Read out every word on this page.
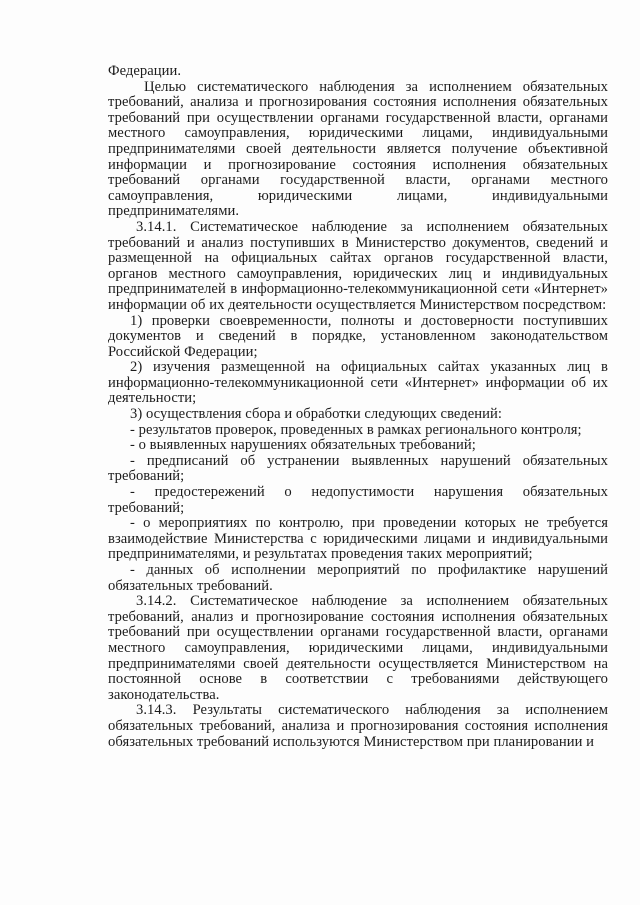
Федерации.

Целью систематического наблюдения за исполнением обязательных требований, анализа и прогнозирования состояния исполнения обязательных требований при осуществлении органами государственной власти, органами местного самоуправления, юридическими лицами, индивидуальными предпринимателями своей деятельности является получение объективной информации и прогнозирование состояния исполнения обязательных требований органами государственной власти, органами местного самоуправления, юридическими лицами, индивидуальными предпринимателями.

3.14.1. Систематическое наблюдение за исполнением обязательных требований и анализ поступивших в Министерство документов, сведений и размещенной на официальных сайтах органов государственной власти, органов местного самоуправления, юридических лиц и индивидуальных предпринимателей в информационно-телекоммуникационной сети «Интернет» информации об их деятельности осуществляется Министерством посредством:

1) проверки своевременности, полноты и достоверности поступивших документов и сведений в порядке, установленном законодательством Российской Федерации;

2) изучения размещенной на официальных сайтах указанных лиц в информационно-телекоммуникационной сети «Интернет» информации об их деятельности;

3) осуществления сбора и обработки следующих сведений:

- результатов проверок, проведенных в рамках регионального контроля;

- о выявленных нарушениях обязательных требований;

- предписаний об устранении выявленных нарушений обязательных требований;

- предостережений о недопустимости нарушения обязательных требований;

- о мероприятиях по контролю, при проведении которых не требуется взаимодействие Министерства с юридическими лицами и индивидуальными предпринимателями, и результатах проведения таких мероприятий;

- данных об исполнении мероприятий по профилактике нарушений обязательных требований.

3.14.2. Систематическое наблюдение за исполнением обязательных требований, анализ и прогнозирование состояния исполнения обязательных требований при осуществлении органами государственной власти, органами местного самоуправления, юридическими лицами, индивидуальными предпринимателями своей деятельности осуществляется Министерством на постоянной основе в соответствии с требованиями действующего законодательства.

3.14.3. Результаты систематического наблюдения за исполнением обязательных требований, анализа и прогнозирования состояния исполнения обязательных требований используются Министерством при планировании и
